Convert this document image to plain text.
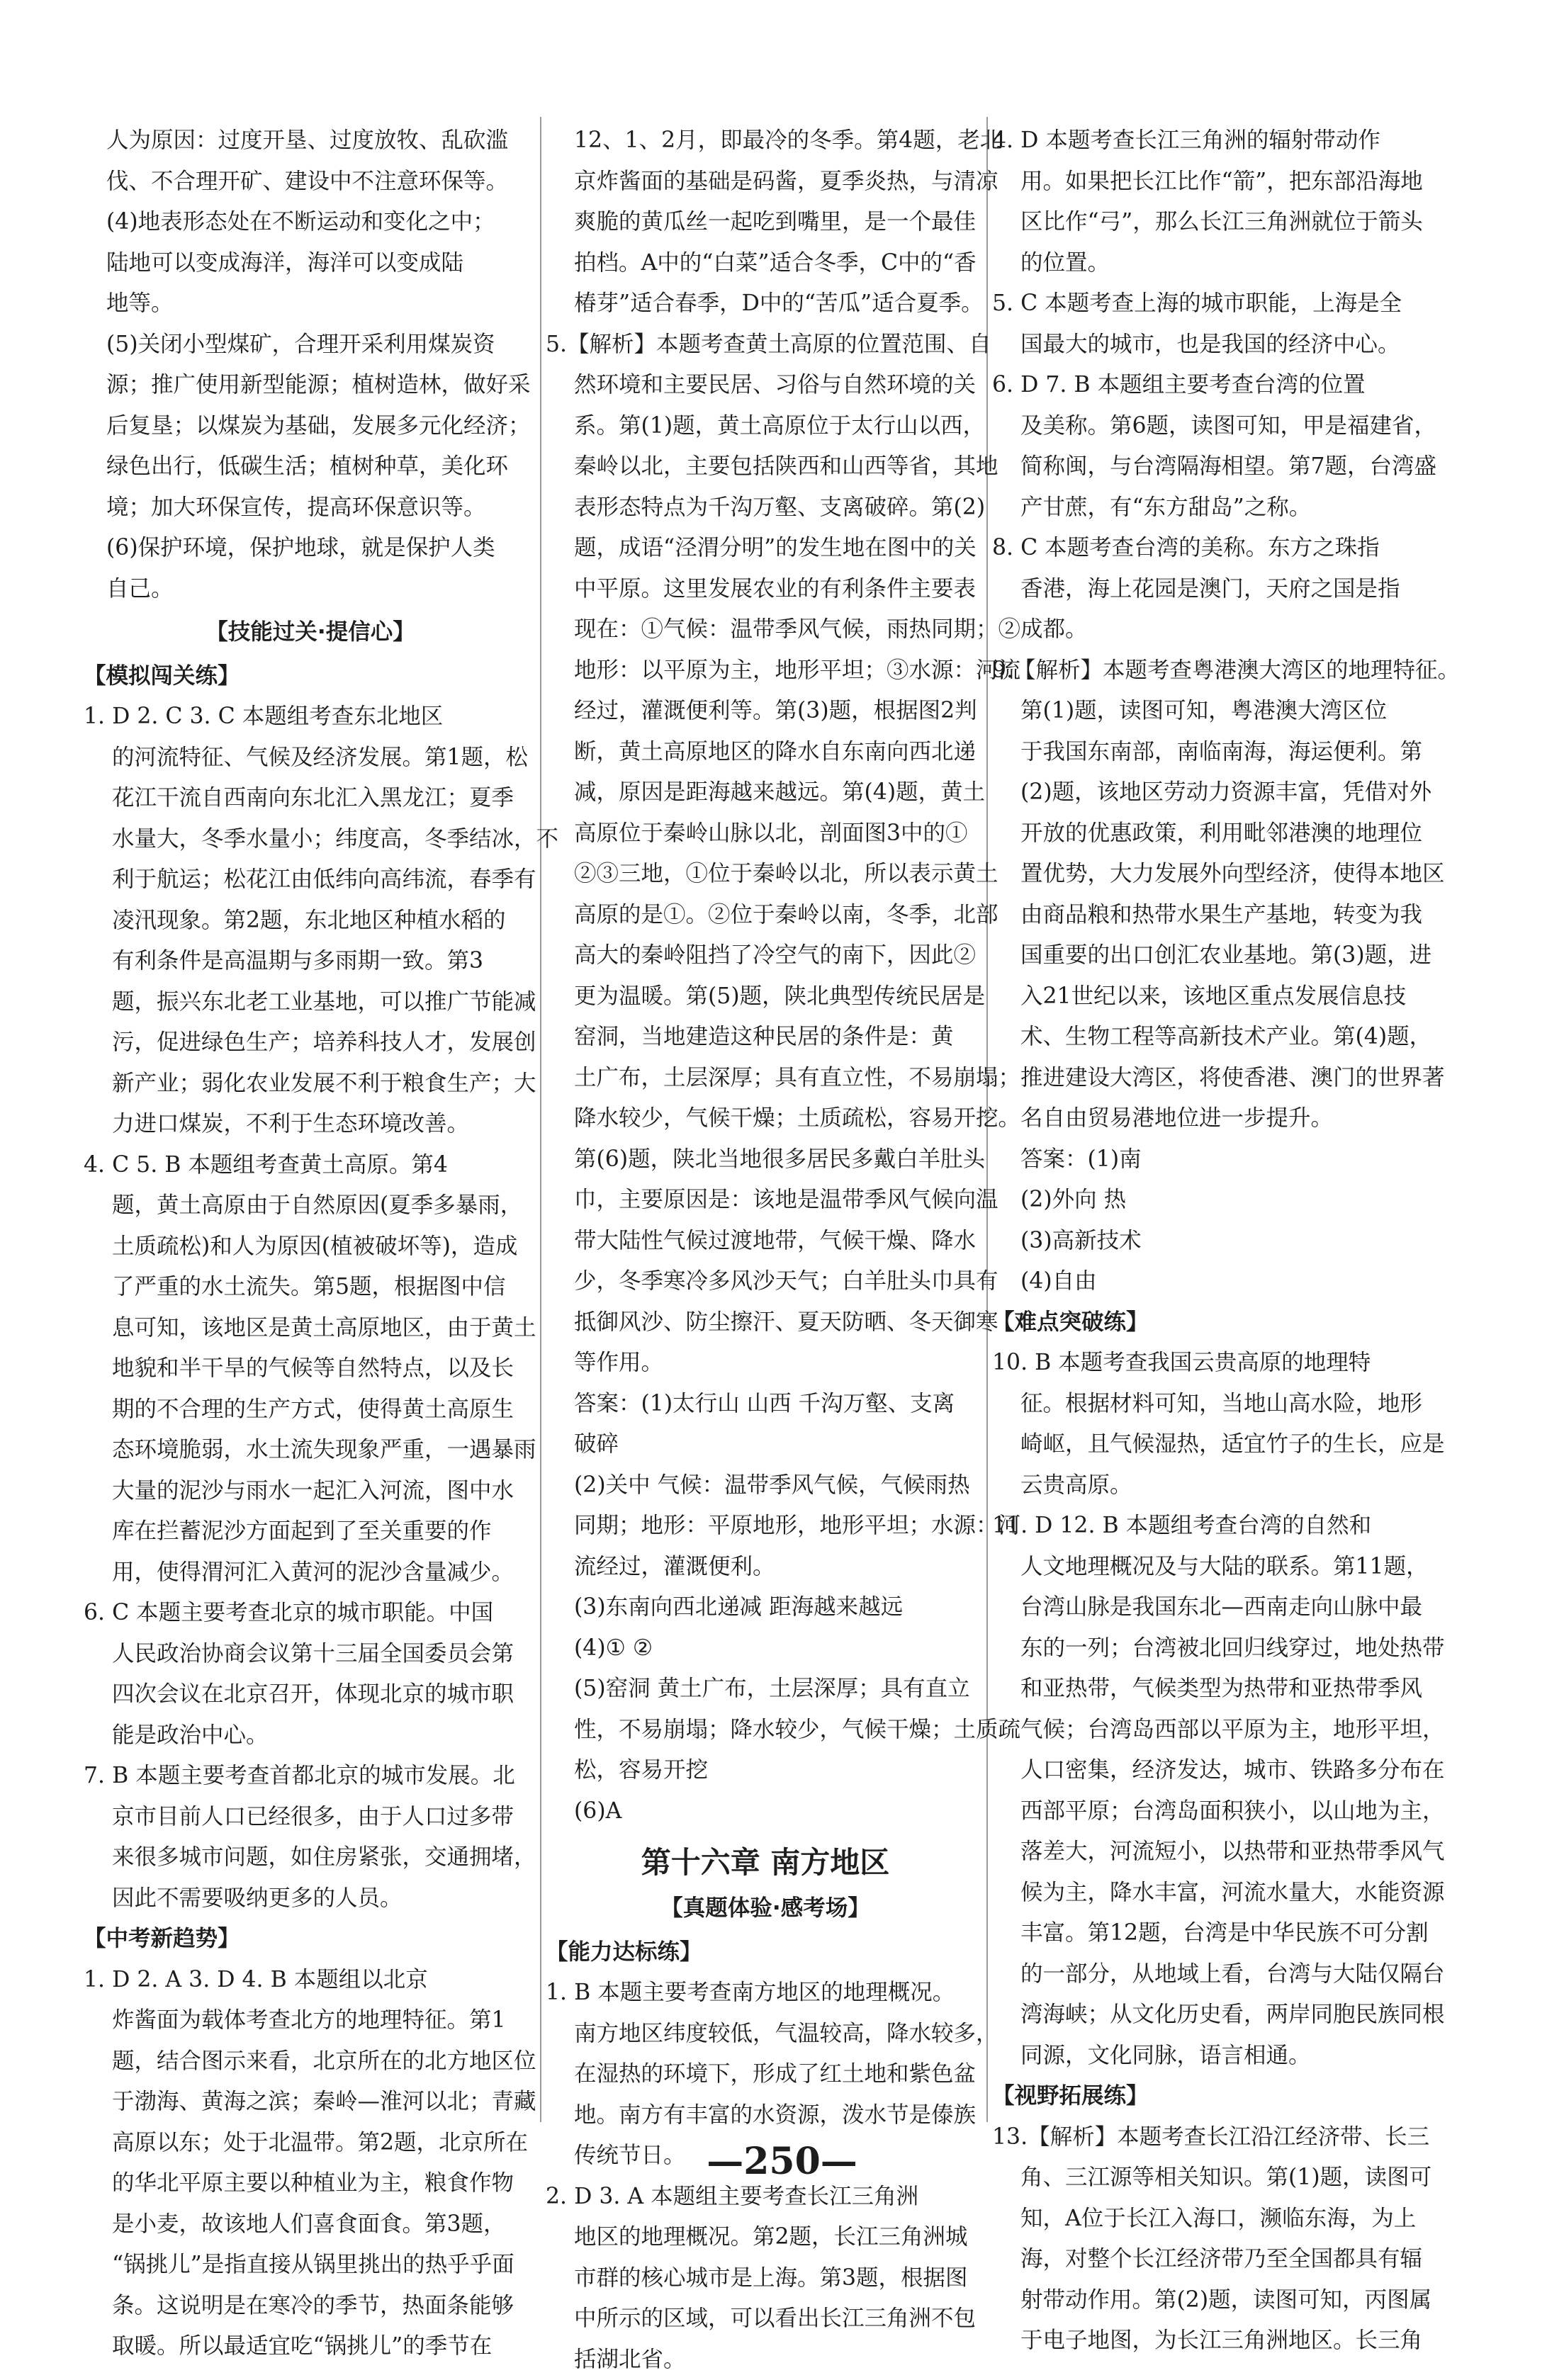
人为原因：过度开垦、过度放牧、乱砍滥
伐、不合理开矿、建设中不注意环保等。
(4)地表形态处在不断运动和变化之中；
陆地可以变成海洋，海洋可以变成陆
地等。
(5)关闭小型煤矿，合理开采利用煤炭资
源；推广使用新型能源；植树造林，做好采
后复垦；以煤炭为基础，发展多元化经济；
绿色出行，低碳生活；植树种草，美化环
境；加大环保宣传，提高环保意识等。
(6)保护环境，保护地球，就是保护人类
自己。
【技能过关·提信心】
【模拟闯关练】
1. D 2. C 3. C 本题组考查东北地区
的河流特征、气候及经济发展。第1题，松
花江干流自西南向东北汇入黑龙江；夏季
水量大，冬季水量小；纬度高，冬季结冰，不
利于航运；松花江由低纬向高纬流，春季有
凌汛现象。第2题，东北地区种植水稻的
有利条件是高温期与多雨期一致。第3
题，振兴东北老工业基地，可以推广节能减
污，促进绿色生产；培养科技人才，发展创
新产业；弱化农业发展不利于粮食生产；大
力进口煤炭，不利于生态环境改善。
4. C 5. B 本题组考查黄土高原。第4
题，黄土高原由于自然原因(夏季多暴雨，
土质疏松)和人为原因(植被破坏等)，造成
了严重的水土流失。第5题，根据图中信
息可知，该地区是黄土高原地区，由于黄土
地貌和半干旱的气候等自然特点，以及长
期的不合理的生产方式，使得黄土高原生
态环境脆弱，水土流失现象严重，一遇暴雨
大量的泥沙与雨水一起汇入河流，图中水
库在拦蓄泥沙方面起到了至关重要的作
用，使得渭河汇入黄河的泥沙含量减少。
6. C 本题主要考查北京的城市职能。中国
人民政治协商会议第十三届全国委员会第
四次会议在北京召开，体现北京的城市职
能是政治中心。
7. B 本题主要考查首都北京的城市发展。北
京市目前人口已经很多，由于人口过多带
来很多城市问题，如住房紧张，交通拥堵，
因此不需要吸纳更多的人员。
【中考新趋势】
1. D 2. A 3. D 4. B 本题组以北京
炸酱面为载体考查北方的地理特征。第1
题，结合图示来看，北京所在的北方地区位
于渤海、黄海之滨；秦岭—淮河以北；青藏
高原以东；处于北温带。第2题，北京所在
的华北平原主要以种植业为主，粮食作物
是小麦，故该地人们喜食面食。第3题，
“锅挑儿”是指直接从锅里挑出的热乎乎面
条。这说明是在寒冷的季节，热面条能够
取暖。所以最适宜吃“锅挑儿”的季节在
12、1、2月，即最冷的冬季。第4题，老北
京炸酱面的基础是码酱，夏季炎热，与清凉
爽脆的黄瓜丝一起吃到嘴里，是一个最佳
拍档。A中的“白菜”适合冬季，C中的“香
椿芽”适合春季，D中的“苦瓜”适合夏季。
5.【解析】本题考查黄土高原的位置范围、自
然环境和主要民居、习俗与自然环境的关
系。第(1)题，黄土高原位于太行山以西，
秦岭以北，主要包括陕西和山西等省，其地
表形态特点为千沟万壑、支离破碎。第(2)
题，成语“泾渭分明”的发生地在图中的关
中平原。这里发展农业的有利条件主要表
现在：①气候：温带季风气候，雨热同期；②
地形：以平原为主，地形平坦；③水源：河流
经过，灌溉便利等。第(3)题，根据图2判
断，黄土高原地区的降水自东南向西北递
减，原因是距海越来越远。第(4)题，黄土
高原位于秦岭山脉以北，剖面图3中的①
②③三地，①位于秦岭以北，所以表示黄土
高原的是①。②位于秦岭以南，冬季，北部
高大的秦岭阻挡了冷空气的南下，因此②
更为温暖。第(5)题，陕北典型传统民居是
窑洞，当地建造这种民居的条件是：黄
土广布，土层深厚；具有直立性，不易崩塌；
降水较少，气候干燥；土质疏松，容易开挖。
第(6)题，陕北当地很多居民多戴白羊肚头
巾，主要原因是：该地是温带季风气候向温
带大陆性气候过渡地带，气候干燥、降水
少，冬季寒冷多风沙天气；白羊肚头巾具有
抵御风沙、防尘擦汗、夏天防晒、冬天御寒
等作用。
答案：(1)太行山 山西 千沟万壑、支离
破碎
(2)关中 气候：温带季风气候，气候雨热
同期；地形：平原地形，地形平坦；水源：河
流经过，灌溉便利。
(3)东南向西北递减 距海越来越远
(4)① ②
(5)窑洞 黄土广布，土层深厚；具有直立
性，不易崩塌；降水较少，气候干燥；土质疏
松，容易开挖
(6)A
第十六章 南方地区
【真题体验·感考场】
【能力达标练】
1. B 本题主要考查南方地区的地理概况。
南方地区纬度较低，气温较高，降水较多，
在湿热的环境下，形成了红土地和紫色盆
地。南方有丰富的水资源，泼水节是傣族
传统节日。
2. D 3. A 本题组主要考查长江三角洲
地区的地理概况。第2题，长江三角洲城
市群的核心城市是上海。第3题，根据图
中所示的区域，可以看出长江三角洲不包
括湖北省。
4. D 本题考查长江三角洲的辐射带动作
用。如果把长江比作“箭”，把东部沿海地
区比作“弓”，那么长江三角洲就位于箭头
的位置。
5. C 本题考查上海的城市职能，上海是全
国最大的城市，也是我国的经济中心。
6. D 7. B 本题组主要考查台湾的位置
及美称。第6题，读图可知，甲是福建省，
简称闽，与台湾隔海相望。第7题，台湾盛
产甘蔗，有“东方甜岛”之称。
8. C 本题考查台湾的美称。东方之珠指
香港，海上花园是澳门，天府之国是指
成都。
9.【解析】本题考查粤港澳大湾区的地理特征。
第(1)题，读图可知，粤港澳大湾区位
于我国东南部，南临南海，海运便利。第
(2)题，该地区劳动力资源丰富，凭借对外
开放的优惠政策，利用毗邻港澳的地理位
置优势，大力发展外向型经济，使得本地区
由商品粮和热带水果生产基地，转变为我
国重要的出口创汇农业基地。第(3)题，进
入21世纪以来，该地区重点发展信息技
术、生物工程等高新技术产业。第(4)题，
推进建设大湾区，将使香港、澳门的世界著
名自由贸易港地位进一步提升。
答案：(1)南
(2)外向 热
(3)高新技术
(4)自由
【难点突破练】
10. B 本题考查我国云贵高原的地理特
征。根据材料可知，当地山高水险，地形
崎岖，且气候湿热，适宜竹子的生长，应是
云贵高原。
11. D 12. B 本题组考查台湾的自然和
人文地理概况及与大陆的联系。第11题，
台湾山脉是我国东北—西南走向山脉中最
东的一列；台湾被北回归线穿过，地处热带
和亚热带，气候类型为热带和亚热带季风
气候；台湾岛西部以平原为主，地形平坦，
人口密集，经济发达，城市、铁路多分布在
西部平原；台湾岛面积狭小，以山地为主，
落差大，河流短小，以热带和亚热带季风气
候为主，降水丰富，河流水量大，水能资源
丰富。第12题，台湾是中华民族不可分割
的一部分，从地域上看，台湾与大陆仅隔台
湾海峡；从文化历史看，两岸同胞民族同根
同源，文化同脉，语言相通。
【视野拓展练】
13.【解析】本题考查长江沿江经济带、长三
角、三江源等相关知识。第(1)题，读图可
知，A位于长江入海口，濒临东海，为上
海，对整个长江经济带乃至全国都具有辐
射带动作用。第(2)题，读图可知，丙图属
于电子地图，为长江三角洲地区。长三角
—250—
